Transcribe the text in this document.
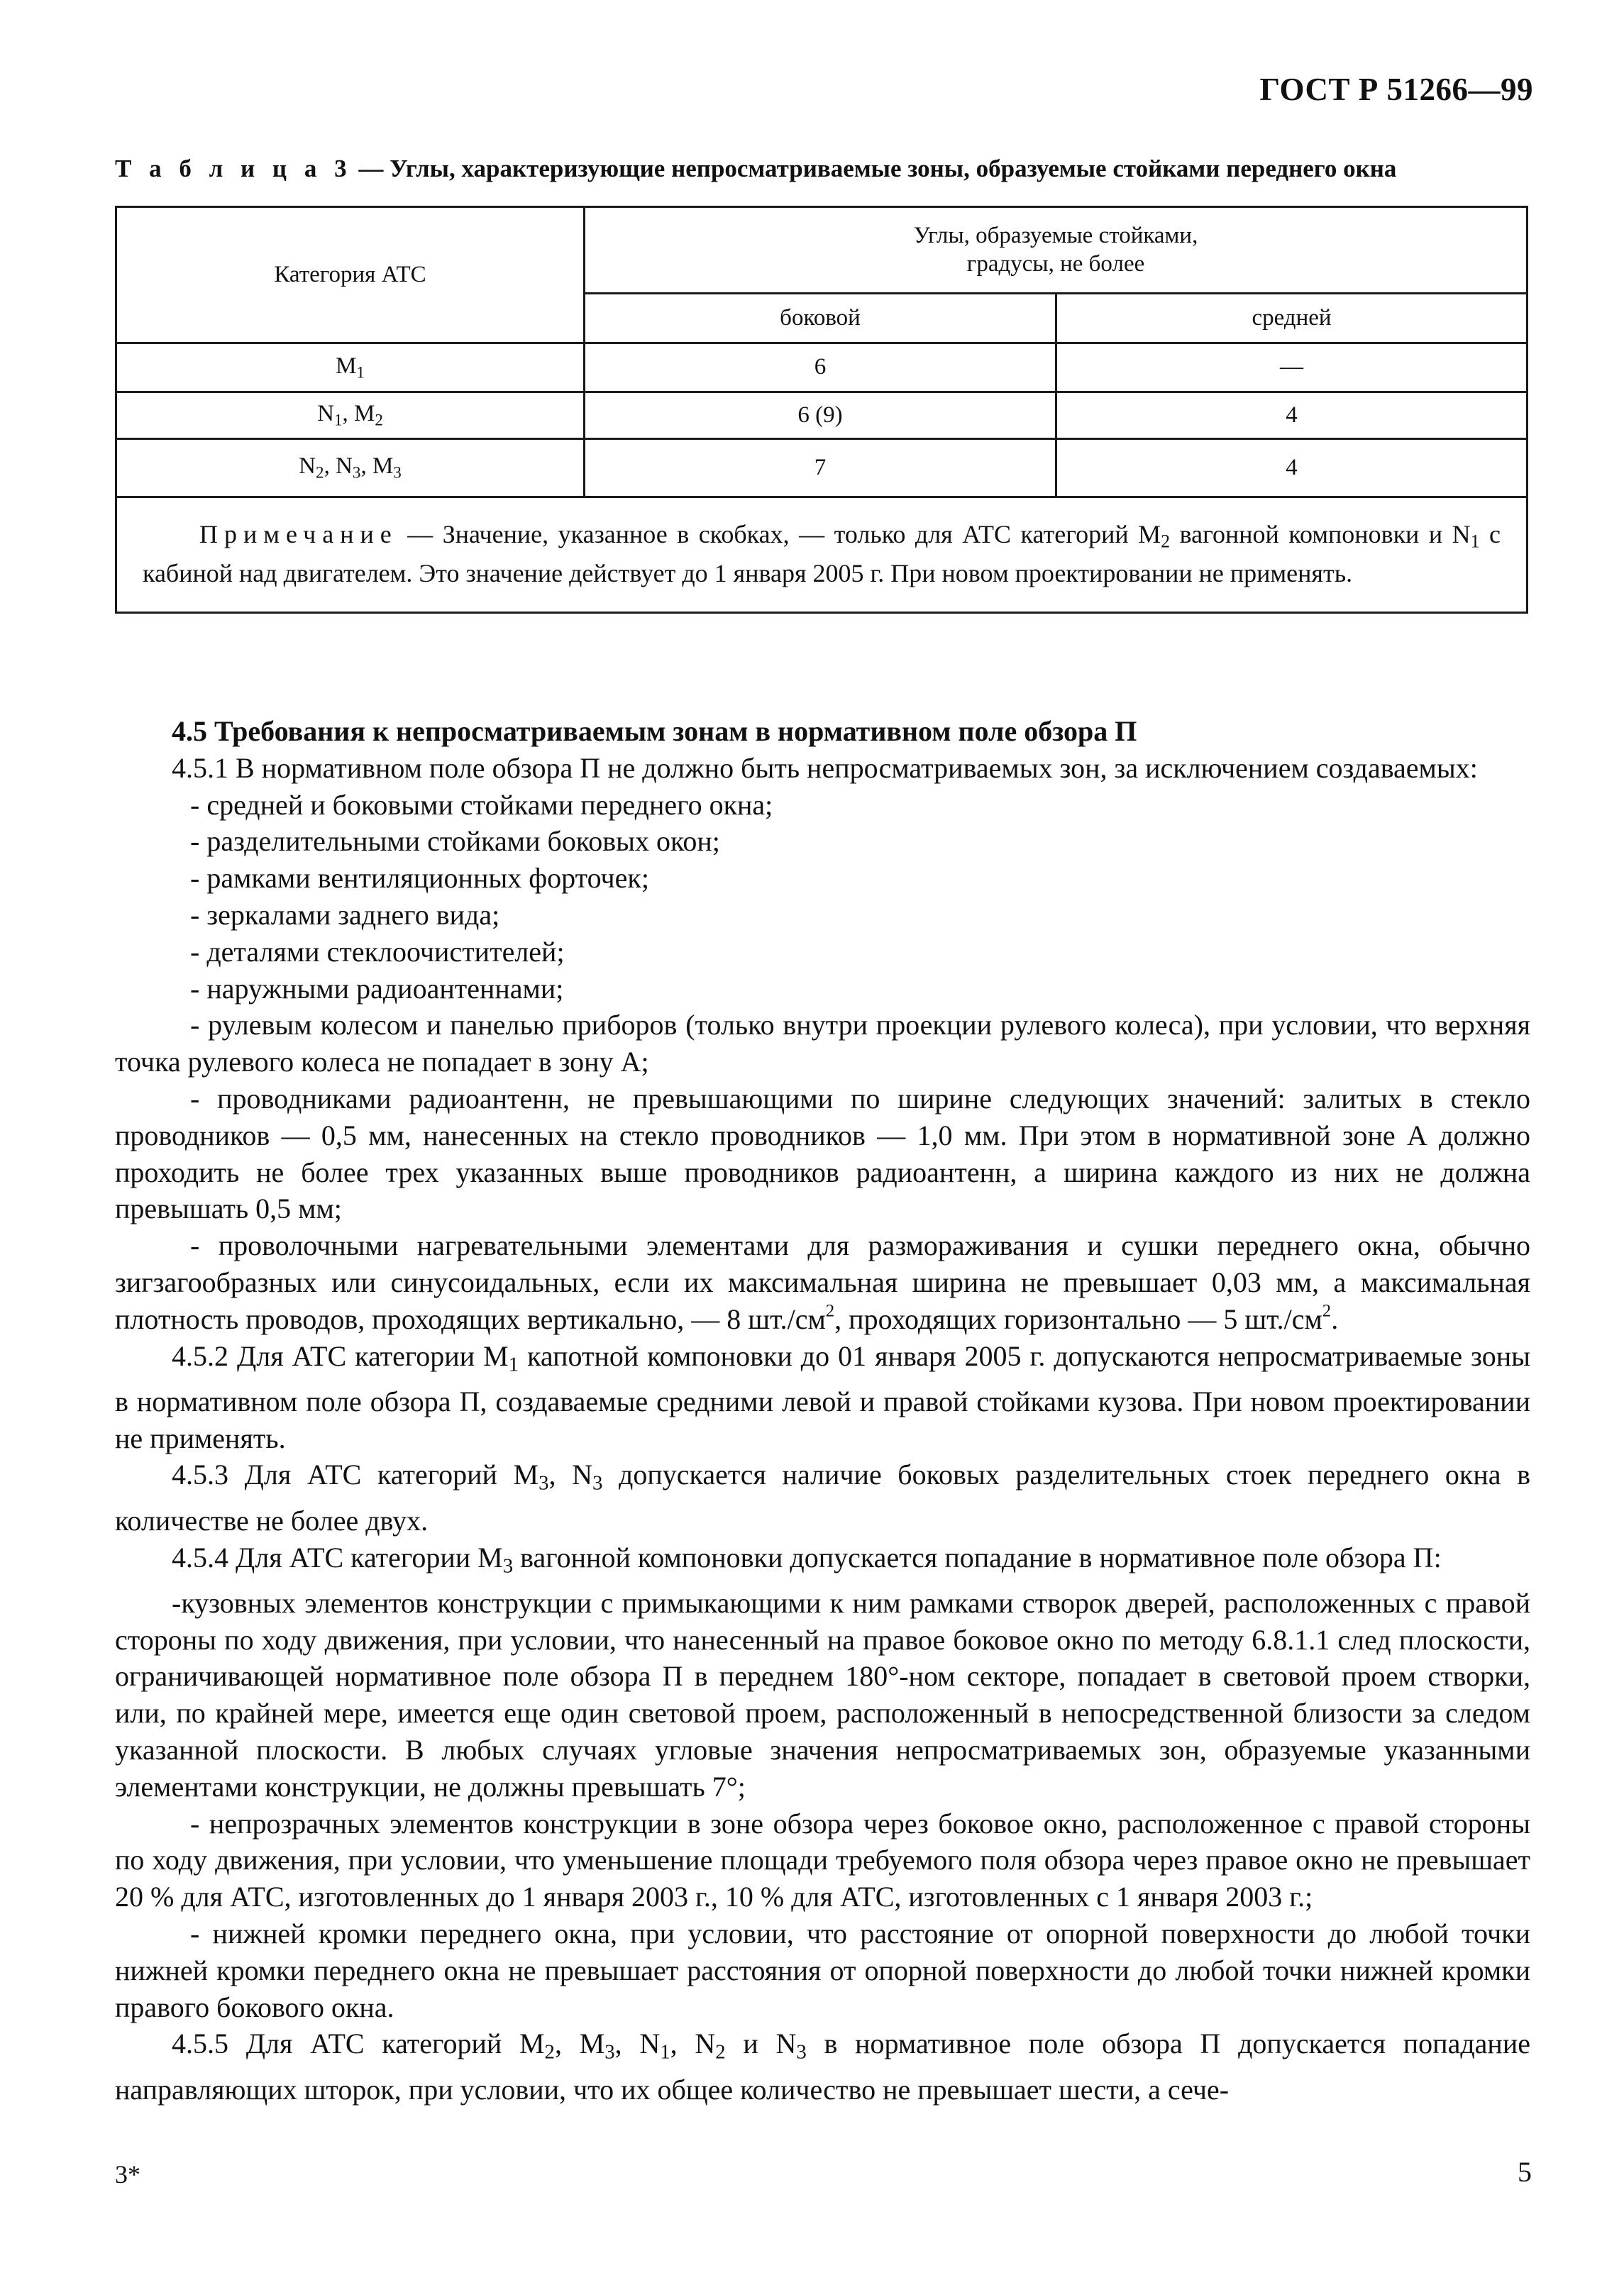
ГОСТ Р 51266—99
Т а б л и ц а 3 — Углы, характеризующие непросматриваемые зоны, образуемые стойками переднего окна
Категория АТС	Углы, образуемые стойками,
градусы, не более	

	боковой	средней
M1	6	—
N1, M2	6 (9)	4
N2, N3, M3	7	4
Примечание — Значение, указанное в скобках, — только для АТС категорий $M_2$ вагонной компоновки и $N_1$ с кабиной над двигателем. Это значение действует до 1 января 2005 г. При новом проектировании не применять.		

4.5 Требования к непросматриваемым зонам в нормативном поле обзора П

4.5.1 В нормативном поле обзора П не должно быть непросматриваемых зон, за исключением создаваемых:

- средней и боковыми стойками переднего окна;

- разделительными стойками боковых окон;

- рамками вентиляционных форточек;

- зеркалами заднего вида;

- деталями стеклоочистителей;

- наружными радиоантеннами;

- рулевым колесом и панелью приборов (только внутри проекции рулевого колеса), при условии, что верхняя точка рулевого колеса не попадает в зону А;

- проводниками радиоантенн, не превышающими по ширине следующих значений: залитых в стекло проводников — 0,5 мм, нанесенных на стекло проводников — 1,0 мм. При этом в нормативной зоне А должно проходить не более трех указанных выше проводников радиоантенн, а ширина каждого из них не должна превышать 0,5 мм;

- проволочными нагревательными элементами для размораживания и сушки переднего окна, обычно зигзагообразных или синусоидальных, если их максимальная ширина не превышает 0,03 мм, а максимальная плотность проводов, проходящих вертикально, — 8 $шт./см^2$, проходящих горизонтально — 5 $шт./см^2$.

4.5.2 Для АТС категории $M_1$ капотной компоновки до 01 января 2005 г. допускаются непросматриваемые зоны в нормативном поле обзора П, создаваемые средними левой и правой стойками кузова. При новом проектировании не применять.

4.5.3 Для АТС категорий $M_3$, $N_3$ допускается наличие боковых разделительных стоек переднего окна в количестве не более двух.

4.5.4 Для АТС категории $M_3$ вагонной компоновки допускается попадание в нормативное поле обзора П:

-кузовных элементов конструкции с примыкающими к ним рамками створок дверей, расположенных с правой стороны по ходу движения, при условии, что нанесенный на правое боковое окно по методу 6.8.1.1 след плоскости, ограничивающей нормативное поле обзора П в переднем 180°-ном секторе, попадает в световой проем створки, или, по крайней мере, имеется еще один световой проем, расположенный в непосредственной близости за следом указанной плоскости. В любых случаях угловые значения непросматриваемых зон, образуемые указанными элементами конструкции, не должны превышать 7°;

- непрозрачных элементов конструкции в зоне обзора через боковое окно, расположенное с правой стороны по ходу движения, при условии, что уменьшение площади требуемого поля обзора через правое окно не превышает 20 % для АТС, изготовленных до 1 января 2003 г., 10 % для АТС, изготовленных с 1 января 2003 г.;

- нижней кромки переднего окна, при условии, что расстояние от опорной поверхности до любой точки нижней кромки переднего окна не превышает расстояния от опорной поверхности до любой точки нижней кромки правого бокового окна.

4.5.5 Для АТС категорий $M_2$, $M_3$, $N_1$, $N_2$ и $N_3$ в нормативное поле обзора П допускается попадание направляющих шторок, при условии, что их общее количество не превышает шести, а сече-

3*	5
